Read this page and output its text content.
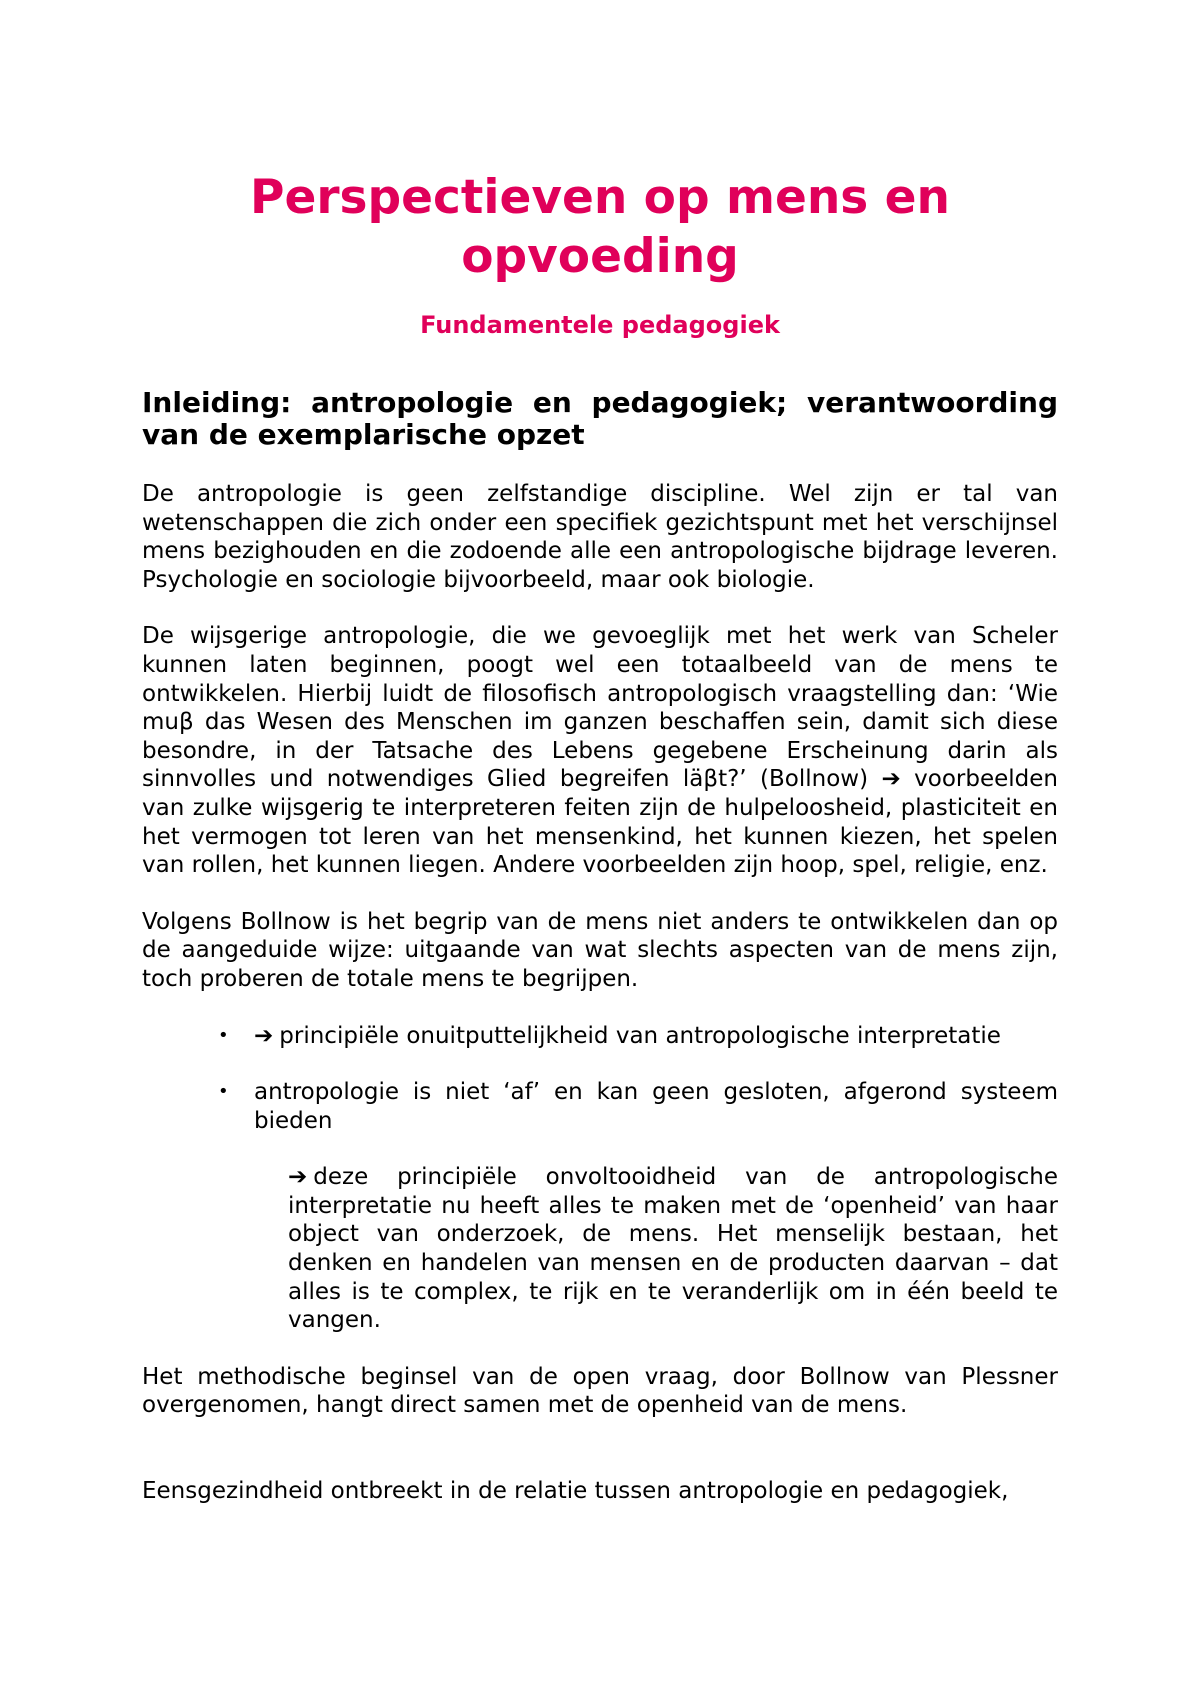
Perspectieven op mens en opvoeding
Fundamentele pedagogiek
Inleiding: antropologie en pedagogiek; verantwoording van de exemplarische opzet

De antropologie is geen zelfstandige discipline. Wel zijn er tal van wetenschappen die zich onder een specifiek gezichtspunt met het verschijnsel mens bezighouden en die zodoende alle een antropologische bijdrage leveren. Psychologie en sociologie bijvoorbeeld, maar ook biologie.

De wijsgerige antropologie, die we gevoeglijk met het werk van Scheler kunnen laten beginnen, poogt wel een totaalbeeld van de mens te ontwikkelen. Hierbij luidt de filosofisch antropologisch vraagstelling dan: ‘Wie muβ das Wesen des Menschen im ganzen beschaffen sein, damit sich diese besondre, in der Tatsache des Lebens gegebene Erscheinung darin als sinnvolles und notwendiges Glied begreifen läβt?’ (Bollnow) ➔ voorbeelden van zulke wijsgerig te interpreteren feiten zijn de hulpeloosheid, plasticiteit en het vermogen tot leren van het mensenkind, het kunnen kiezen, het spelen van rollen, het kunnen liegen. Andere voorbeelden zijn hoop, spel, religie, enz.

Volgens Bollnow is het begrip van de mens niet anders te ontwikkelen dan op de aangeduide wijze: uitgaande van wat slechts aspecten van de mens zijn, toch proberen de totale mens te begrijpen.

• ➔ principiële onuitputtelijkheid van antropologische interpretatie
• antropologie is niet ‘af’ en kan geen gesloten, afgerond systeem bieden

➔ deze principiële onvoltooidheid van de antropologische interpretatie nu heeft alles te maken met de ‘openheid’ van haar object van onderzoek, de mens. Het menselijk bestaan, het denken en handelen van mensen en de producten daarvan – dat alles is te complex, te rijk en te veranderlijk om in één beeld te vangen.

Het methodische beginsel van de open vraag, door Bollnow van Plessner overgenomen, hangt direct samen met de openheid van de mens.

Eensgezindheid ontbreekt in de relatie tussen antropologie en pedagogiek,
